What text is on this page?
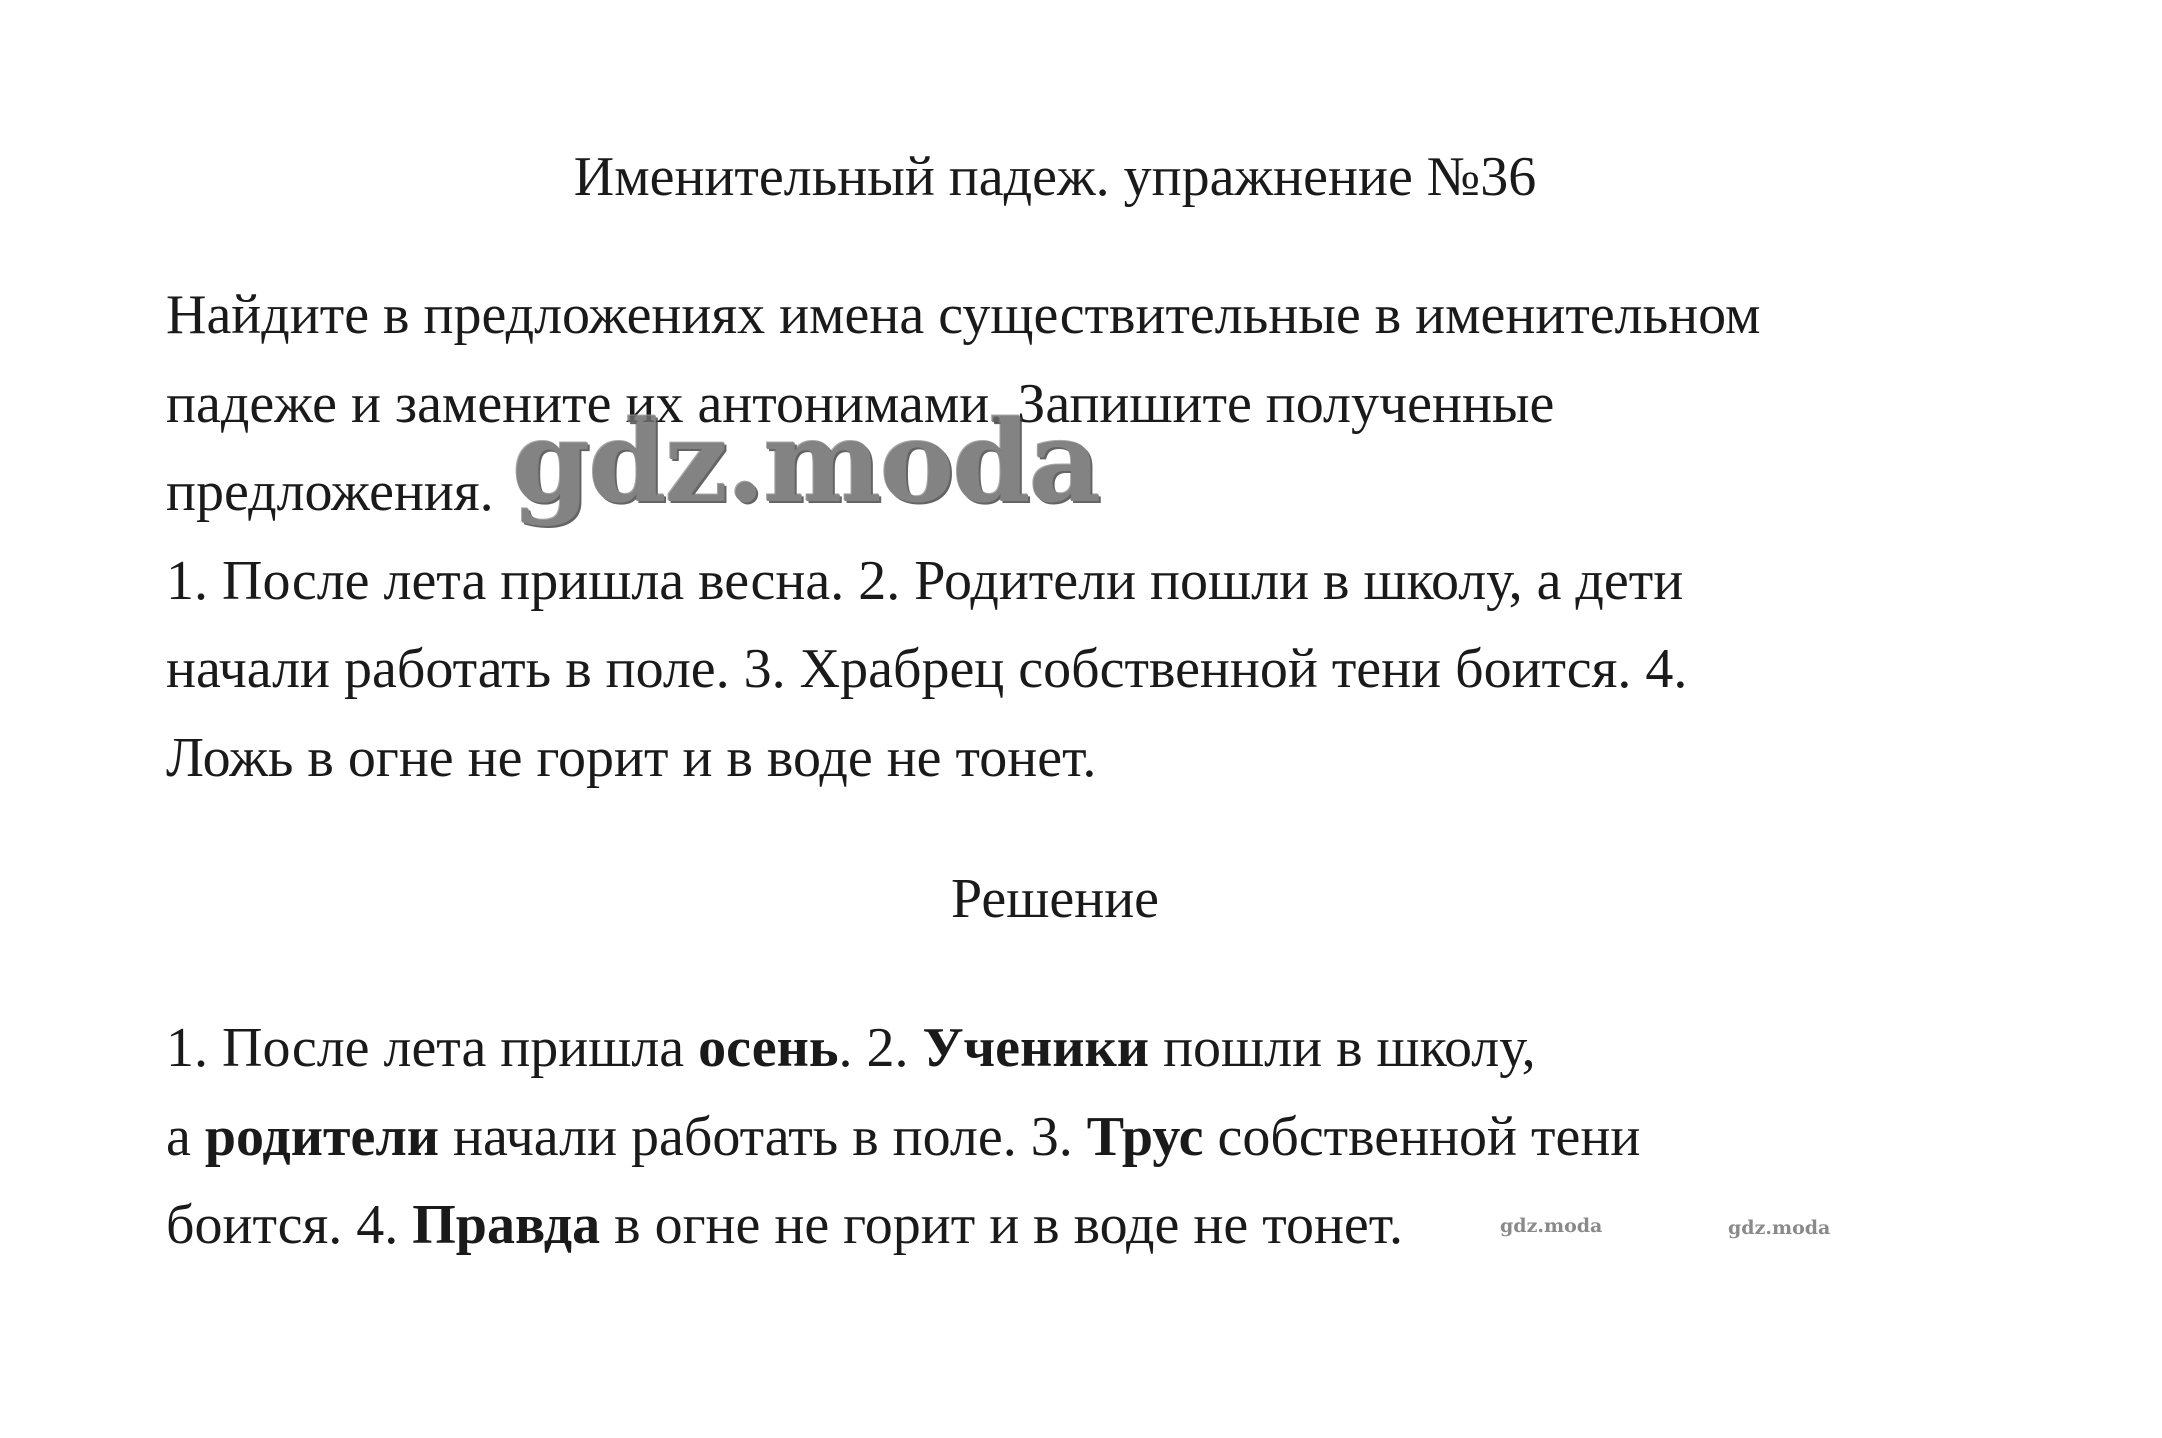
Именительный падеж. упражнение №36
Найдите в предложениях имена существительные в именительном
падеже и замените их антонимами. Запишите полученные
предложения.
1. После лета пришла весна. 2. Родители пошли в школу, а дети
начали работать в поле. 3. Храбрец собственной тени боится. 4.
Ложь в огне не горит и в воде не тонет.
gdz.moda
Решение
1. После лета пришла осень. 2. Ученики пошли в школу,
а родители начали работать в поле. 3. Трус собственной тени
боится. 4. Правда в огне не горит и в воде не тонет.	gdz.moda	gdz.moda
